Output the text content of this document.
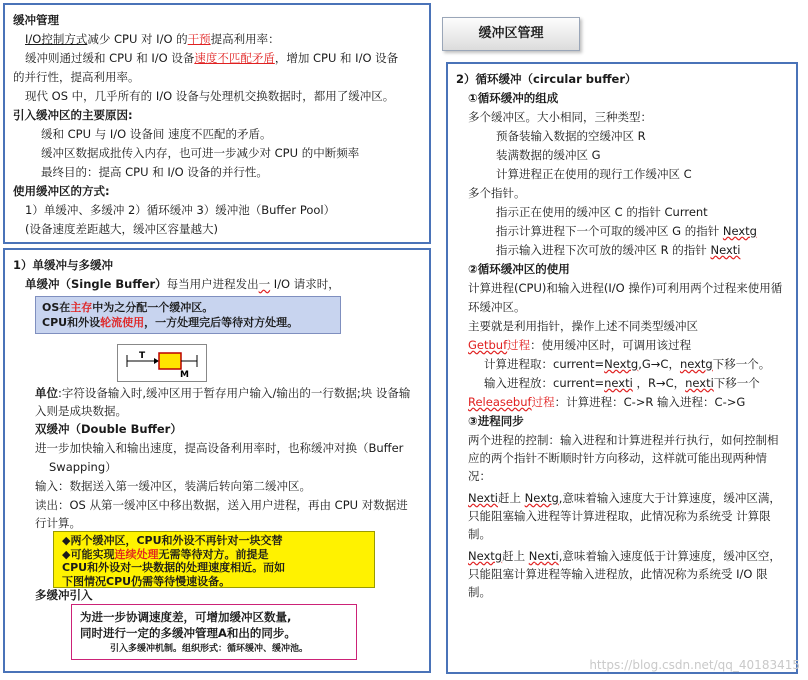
缓冲管理
I/O控制方式减少 CPU 对 I/O 的干预提高利用率：
缓冲则通过缓和 CPU 和 I/O 设备速度不匹配矛盾，增加 CPU 和 I/O 设备
的并行性，提高利用率。
现代 OS 中，几乎所有的 I/O 设备与处理机交换数据时，都用了缓冲区。
引入缓冲区的主要原因:
缓和 CPU 与 I/O 设备间 速度不匹配的矛盾。
缓冲区数据成批传入内存，也可进一步减少对 CPU 的中断频率
最终目的：提高 CPU 和 I/O 设备的并行性。
使用缓冲区的方式:
1）单缓冲、多缓冲 2）循环缓冲 3）缓冲池（Buffer Pool）
(设备速度差距越大，缓冲区容量越大)
1）单缓冲与多缓冲
单缓冲（Single Buffer）每当用户进程发出一 I/O 请求时，
OS在主存中为之分配一个缓冲区。
CPU和外设轮流使用，一方处理完后等待对方处理。
T
M
单位:字符设备输入时,缓冲区用于暂存用户输入/输出的一行数据;块 设备输入则是成块数据。
双缓冲（Double Buffer）
进一步加快输入和输出速度，提高设备利用率时，也称缓冲对换（Buffer
Swapping）
输入：数据送入第一缓冲区，装满后转向第二缓冲区。
读出：OS 从第一缓冲区中移出数据，送入用户进程，再由 CPU 对数据进行计算。
◆两个缓冲区，CPU和外设不再针对一块交替
◆可能实现连续处理无需等待对方。前提是
CPU和外设对一块数据的处理速度相近。而如
下图情况CPU仍需等待慢速设备。
多缓冲引入
为进一步协调速度差，可增加缓冲区数量,
同时进行一定的多缓冲管理A和出的同步。
引入多缓冲机制。组织形式：循环缓冲、缓冲池。
缓冲区管理
2）循环缓冲（circular buffer）
①循环缓冲的组成
多个缓冲区。大小相同，三种类型：
预备装输入数据的空缓冲区 R
装满数据的缓冲区 G
计算进程正在使用的现行工作缓冲区 C
多个指针。
指示正在使用的缓冲区 C 的指针 Current
指示计算进程下一个可取的缓冲区 G 的指针 Nextg
指示输入进程下次可放的缓冲区 R 的指针 Nexti
②循环缓冲区的使用
计算进程(CPU)和输入进程(I/O 操作)可利用两个过程来使用循环缓冲区。
主要就是利用指针，操作上述不同类型缓冲区
Getbuf过程：使用缓冲区时，可调用该过程
计算进程取：current=Nextg,G→C，nextg下移一个。
输入进程放：current=nexti ，R→C，nexti下移一个
Releasebuf过程：计算进程：C->R 输入进程：C->G
③进程同步
两个进程的控制：输入进程和计算进程并行执行，如何控制相应的两个指针不断顺时针方向移动，这样就可能出现两种情况：
Nexti赶上 Nextg,意味着输入速度大于计算速度，缓冲区满，只能阻塞输入进程等计算进程取，此情况称为系统受 计算限制。
Nextg赶上 Nexti,意味着输入速度低于计算速度，缓冲区空，只能阻塞计算进程等输入进程放，此情况称为系统受 I/O 限制。
https://blog.csdn.net/qq_40183415
